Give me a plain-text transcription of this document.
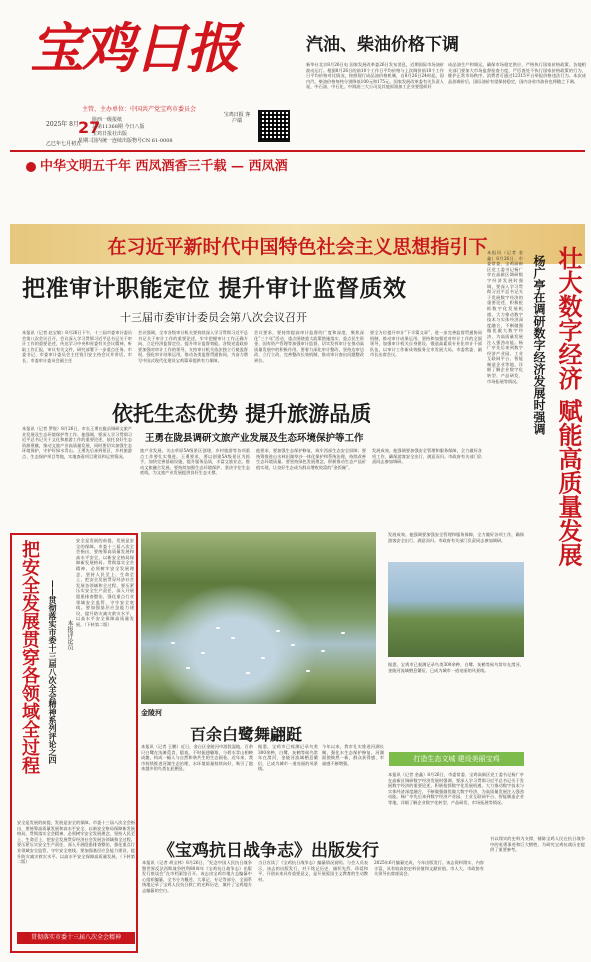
宝鸡日报
主管、主办单位：中国共产党宝鸡市委员会
2025年 8月 27
星期三
乙巳年七月初五
陕西一级报纸
总第11368期 今日八版
宝鸡日报社出版
国内统一连续出版物号CN 61-0008
宝鸡日报 客户端
中华文明五千年 西凤酒香三千载 — 西凤酒
汽油、柴油价格下调
新华社北京8月26日电 国家发展改革委26日发布消息，近期国际市场油价波动运行。根据8月26日的前10个工作日平均价格与上次调价前10个工作日平均价格对比情况，按照现行成品油价格机制，自8月26日24时起，国内汽、柴油价格每吨分别降低100元和175元。国家发展改革委有关负责人说，中石油、中石化、中海油三大公司及其他原油加工企业要组织好
成品油生产和调运，确保市场稳定供应，严格执行国家价格政策。各地相关部门要加大市场监督检查力度，严厉查处不执行国家价格政策的行为，维护正常市场秩序。消费者可通过12315平台举报价格违法行为。本次成品油调价后，国际油价有望保持稳定，国内各省市油价也将随之下调。
在习近平新时代中国特色社会主义思想指引下
把准审计职能定位 提升审计监督质效
十三届市委审计委员会第八次会议召开
本报讯（记者 赵宝敏）8月26日下午，十三届市委审计委员会第八次会议召开，会议深入学习贯彻习近平总书记关于审计工作的重要论述，传达学习中央和省委有关会议精神，听取工作汇报，审议有关文件，研究部署下一步重点任务。市委书记、市委审计委员会主任钱引安主持会议并讲话，市长、市委审计委员会副主任
会议强调，全市各级审计机关要持续深入学习贯彻习近平总书记关于审计工作的重要论述，牢牢把握审计工作正确方向，立足经济监督定位，提升审计监督效能。各级党委政府要加强对审计工作的领导，支持审计机关依法独立行使监督权，强化审计结果运用，推动各类监督贯通协同，为奋力谱写中国式现代化建设宝鸡篇章提供有力保障。
会议要求，要持续提高审计监督的广度和深度，聚焦深化“三个年”活动，重点围绕重大政策措施落实、重点民生资金、国有资产管理等加强审计监督，切实发挥审计在推动高质量发展中的积极作用。要着力深化审计整改，坚持边审边改、立行立改，完善整改长效机制，推动审计查出问题整改到位。
要全方位提升审计“下半篇文章”，进一步完善监督贯通协同机制，推动审计成果运用。坚持和加强党对审计工作的全面领导，加强审计机关自身建设，锻造高素质专业化审计干部队伍，以审计工作新成效服务全市发展大局。市委常委、副市长出席会议。	杨广亭在调研数字经济发展时强调 壮大数字经济 赋能高质量发展
本报讯（记者 金鑫）8月26日，市委常委、宝鸡高新区党工委书记杨广亭在高新区调研数字经济发展时强调，要深入学习贯彻习近平总书记关于发展数字经济的重要论述，积极抢抓数字化发展机遇，大力推动数字技术与实体经济深度融合，不断做强做优做大数字经济，为高质量发展注入强劲动能。杨广亭先后来到数字经济产业园、工业互联网平台、智能制造企业等地，详细了解企业数字化转型、产品研发、市场拓展等情况。
依托生态优势 提升旅游品质
王勇在陇县调研文旅产业发展及生态环境保护等工作
本报讯（记者 罗锐）8月26日，市长王勇在陇县调研文旅产业发展及生态环境保护等工作。他强调，要深入学习贯彻习近平总书记关于文化和旅游工作的重要论述，依托良好生态资源禀赋，推动文旅产业高质量发展，同时要切实加强生态环境保护，守护好绿水青山。王勇先后来到景区、乡村旅游点、生态保护项目等地，实地查看项目建设和运营情况。
旅产业发展。关山草原5A级景区创建、乡村旅游等各项重点工作要扎实推进。王勇要求，要以创建5A级景区为抓手，加快完善基础设施，提升服务品质，丰富文旅业态，推动文旅融合发展。要持续加强生态环境保护，坚决守住生态底线，为文旅产业发展提供良好生态支撑。
他要求，要加强生态保护修复，筑牢西部生态安全屏障；要统筹推进山水林田湖草沙一体化保护和系统治理，持续改善生态环境质量。要坚持绿色发展理念，积极推动生态产品价值实现，让良好生态成为群众增收致富的“金饭碗”。
发展成效。他强调要加强安全管理和服务保障，全力做好各项工作，确保游客安全出行、满意而归。市政府有关部门负责同志参加调研。
把安全发展贯穿各领域全过程	——贯彻落实市委十三届八次全会精神系列评论之四	本报评论员
安全是发展的前提，发展是安全的保障。市委十三届八次全会指出，要统筹高质量发展和高水平安全，以新安全格局保障新发展格局。贯彻落实全会精神，必须树牢安全发展理念，坚持人民至上、生命至上，把安全发展贯穿经济社会发展各领域和全过程。要压紧压实安全生产责任，深入开展隐患排查整治，强化重点行业领域安全监管，守牢安全底线。要加强基层应急能力建设，提升防灾减灾救灾水平。以高水平安全保障高质量发展。（下转第二版）
安全是发展的前提，发展是安全的保障。市委十三届八次全会指出，要统筹高质量发展和高水平安全，以新安全格局保障新发展格局。贯彻落实全会精神，必须树牢安全发展理念，坚持人民至上、生命至上，把安全发展贯穿经济社会发展各领域和全过程。要压紧压实安全生产责任，深入开展隐患排查整治，强化重点行业领域安全监管，守牢安全底线。要加强基层应急能力建设，提升防灾减灾救灾水平。以高水平安全保障高质量发展。（下转第二版）
贯彻落实市委十三届八次全会精神
金陵河
百余白鹭舞翩跹
本报讯（记者 王鹏）近日，金台区金陵河中游段湿地，百余只白鹭在浅滩觅食、嬉戏，不时振翅翱翔，与碧水青山相映成趣，构成一幅人与自然和谐共生的生态画卷。近年来，我市持续推进河湖生态治理，水环境质量持续向好，吸引了越来越多的鸟类在此栖息。
据悉，宝鸡市已观测记录鸟类300余种，白鹭、灰鹤等候鸟常年在渭河、金陵河流域栖息繁衍，已成为城市一道亮丽的风景线。
今年以来，我市扎实推进河湖长制，强化水生态保护修复，河湖面貌焕然一新，群众获得感、幸福感不断增强。
发展成效。他强调要加强安全管理和服务保障，全力做好各项工作，确保游客安全出行、满意而归。市政府有关部门负责同志参加调研。
据悉，宝鸡市已观测记录鸟类300余种，白鹭、灰鹤等候鸟常年在渭河、金陵河流域栖息繁衍，已成为城市一道亮丽的风景线。
打造生态文城 建设美丽宝鸡
本报讯（记者 金鑫）8月26日，市委常委、宝鸡高新区党工委书记杨广亭在高新区调研数字经济发展时强调，要深入学习贯彻习近平总书记关于发展数字经济的重要论述，积极抢抓数字化发展机遇，大力推动数字技术与实体经济深度融合，不断做强做优做大数字经济，为高质量发展注入强劲动能。杨广亭先后来到数字经济产业园、工业互联网平台、智能制造企业等地，详细了解企业数字化转型、产品研发、市场拓展等情况。
《宝鸡抗日战争志》出版发行
本报讯（记者 胡宝林）8月26日，“纪念中国人民抗日战争暨世界反法西斯战争胜利80周年《宝鸡抗日战争志》出版发行座谈会”在市档案馆召开。该志由宝鸡市地方志编纂中心组织编纂，全书分为概述、大事记、专记等部分，全面系统地记录了宝鸡人民抗日救亡的光辉历史，填补了宝鸡地方志编纂的空白。
当日宣读了《宝鸡抗日战争志》编纂情况说明。与会人员表示，该志的出版发行，对于铭记历史、缅怀先烈、珍爱和平、开创未来具有重要意义，是开展爱国主义教育的生动教材。
2025年6月编纂完成，今年出版发行。该志资料翔实、内容丰富，具有较高的史料价值和文献价值。市人大、市政协有关领导出席座谈会。
书以翔实的史料为支撑，铺陈宝鸡人民在抗日战争中的英勇事迹和巨大牺牲，为研究宝鸡抗战历史提供了重要参考。
